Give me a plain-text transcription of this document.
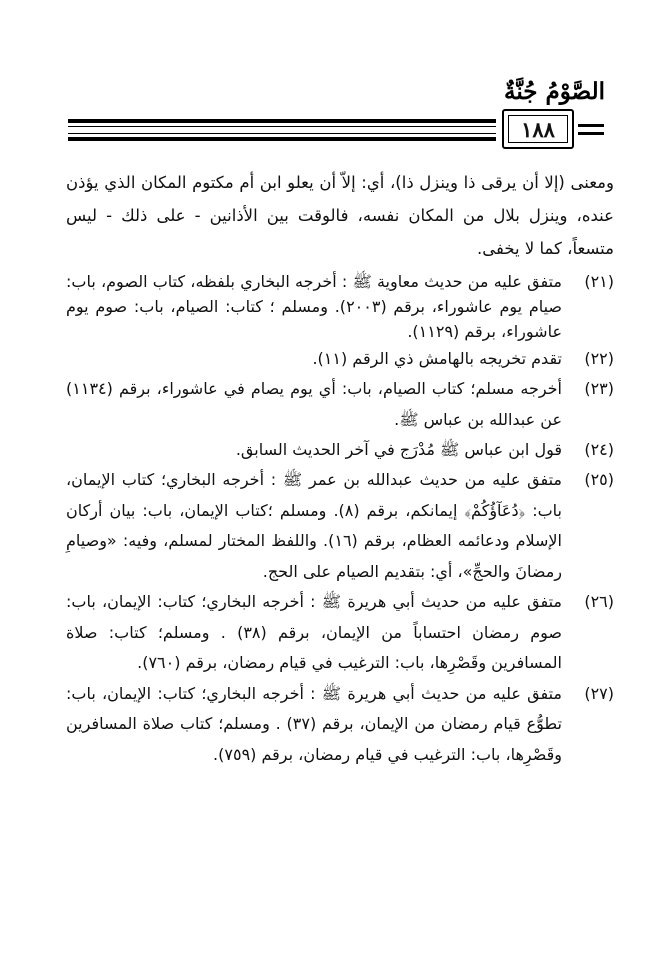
الصَّوْمُ جُنَّةٌ
١٨٨

ومعنى (إلا أن يرقى ذا وينزل ذا)، أي: إلاّ أن يعلو ابن أم مكتوم المكان الذي يؤذن عنده، وينزل بلال من المكان نفسه، فالوقت بين الأذانين - على ذلك - ليس متسعاً، كما لا يخفى.

(٢١)
متفق عليه من حديث معاوية ﷺ : أخرجه البخاري بلفظه، كتاب الصوم، باب: صيام يوم عاشوراء، برقم (٢٠٠٣). ومسلم ؛ كتاب: الصيام، باب: صوم يوم عاشوراء، برقم (١١٢٩).
(٢٢)
تقدم تخريجه بالهامش ذي الرقم (١١).
(٢٣)
أخرجه مسلم؛ كتاب الصيام، باب: أي يوم يصام في عاشوراء، برقم (١١٣٤) عن عبدالله بن عباس ﷺ.
(٢٤)
قول ابن عباس ﷺ مُدْرَج في آخر الحديث السابق.
(٢٥)
متفق عليه من حديث عبدالله بن عمر ﷺ : أخرجه البخاري؛ كتاب الإيمان، باب: ﴿دُعَآؤُكُمْ﴾ إيمانكم، برقم (٨). ومسلم ؛كتاب الإيمان، باب: بيان أركان الإسلام ودعائمه العظام، برقم (١٦). واللفظ المختار لمسلم، وفيه: «وصيامِ رمضانَ والحجِّ»، أي: بتقديم الصيام على الحج.
(٢٦)
متفق عليه من حديث أبي هريرة ﷺ : أخرجه البخاري؛ كتاب: الإيمان، باب: صوم رمضان احتساباً من الإيمان، برقم (٣٨) . ومسلم؛ كتاب: صلاة المسافرين وقَصْرِها، باب: الترغيب في قيام رمضان، برقم (٧٦٠).
(٢٧)
متفق عليه من حديث أبي هريرة ﷺ : أخرجه البخاري؛ كتاب: الإيمان، باب: تطوُّع قيام رمضان من الإيمان، برقم (٣٧) . ومسلم؛ كتاب صلاة المسافرين وقَصْرِها، باب: الترغيب في قيام رمضان، برقم (٧٥٩).
